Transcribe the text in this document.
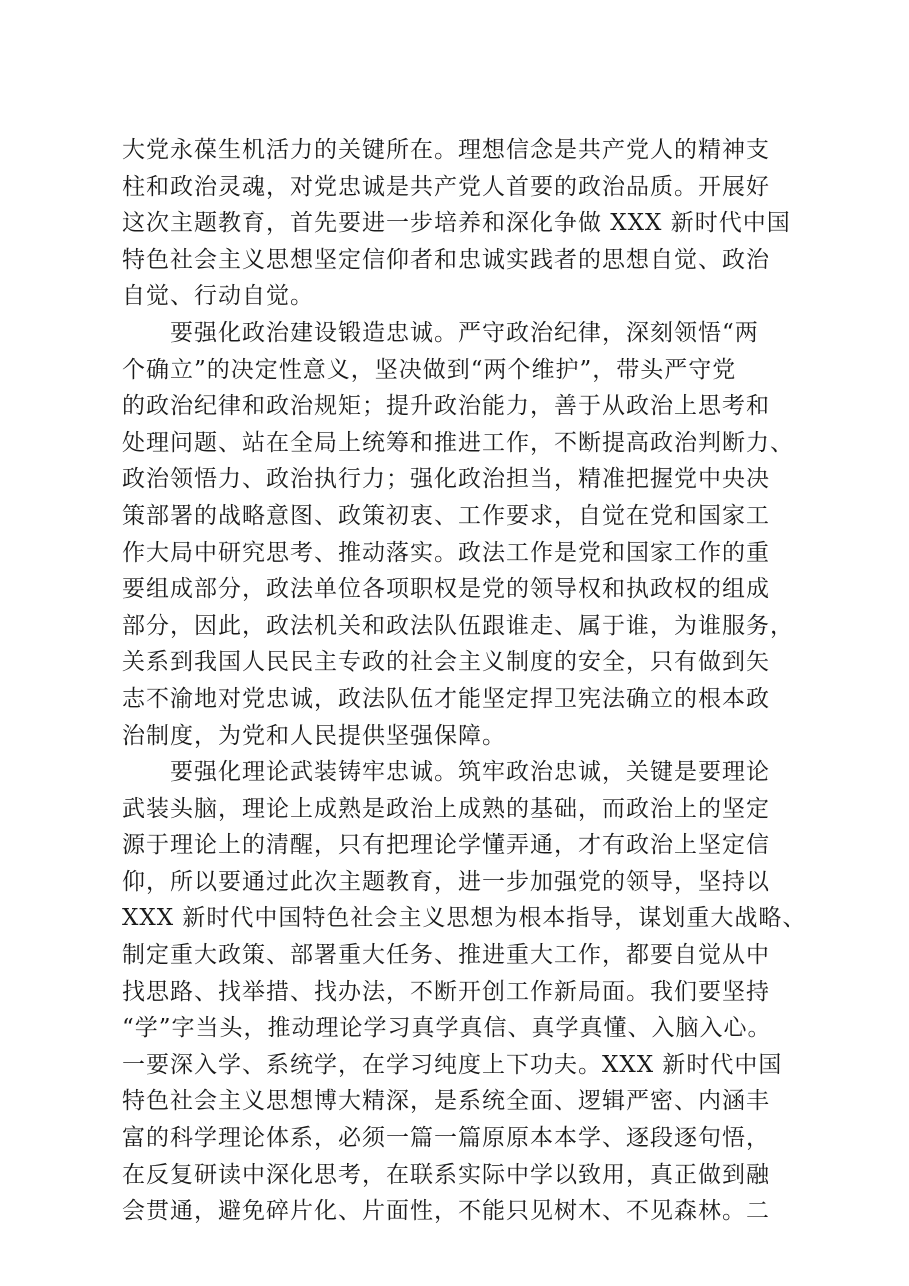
大党永葆生机活力的关键所在。理想信念是共产党人的精神支
柱和政治灵魂，对党忠诚是共产党人首要的政治品质。开展好
这次主题教育，首先要进一步培养和深化争做 XXX 新时代中国
特色社会主义思想坚定信仰者和忠诚实践者的思想自觉、政治
自觉、行动自觉。
要强化政治建设锻造忠诚。严守政治纪律，深刻领悟“两
个确立”的决定性意义，坚决做到“两个维护”，带头严守党
的政治纪律和政治规矩；提升政治能力，善于从政治上思考和
处理问题、站在全局上统筹和推进工作，不断提高政治判断力、
政治领悟力、政治执行力；强化政治担当，精准把握党中央决
策部署的战略意图、政策初衷、工作要求，自觉在党和国家工
作大局中研究思考、推动落实。政法工作是党和国家工作的重
要组成部分，政法单位各项职权是党的领导权和执政权的组成
部分，因此，政法机关和政法队伍跟谁走、属于谁，为谁服务，
关系到我国人民民主专政的社会主义制度的安全，只有做到矢
志不渝地对党忠诚，政法队伍才能坚定捍卫宪法确立的根本政
治制度，为党和人民提供坚强保障。
要强化理论武装铸牢忠诚。筑牢政治忠诚，关键是要理论
武装头脑，理论上成熟是政治上成熟的基础，而政治上的坚定
源于理论上的清醒，只有把理论学懂弄通，才有政治上坚定信
仰，所以要通过此次主题教育，进一步加强党的领导，坚持以
XXX 新时代中国特色社会主义思想为根本指导，谋划重大战略、
制定重大政策、部署重大任务、推进重大工作，都要自觉从中
找思路、找举措、找办法，不断开创工作新局面。我们要坚持
“学”字当头，推动理论学习真学真信、真学真懂、入脑入心。
一要深入学、系统学，在学习纯度上下功夫。XXX 新时代中国
特色社会主义思想博大精深，是系统全面、逻辑严密、内涵丰
富的科学理论体系，必须一篇一篇原原本本学、逐段逐句悟，
在反复研读中深化思考，在联系实际中学以致用，真正做到融
会贯通，避免碎片化、片面性，不能只见树木、不见森林。二
